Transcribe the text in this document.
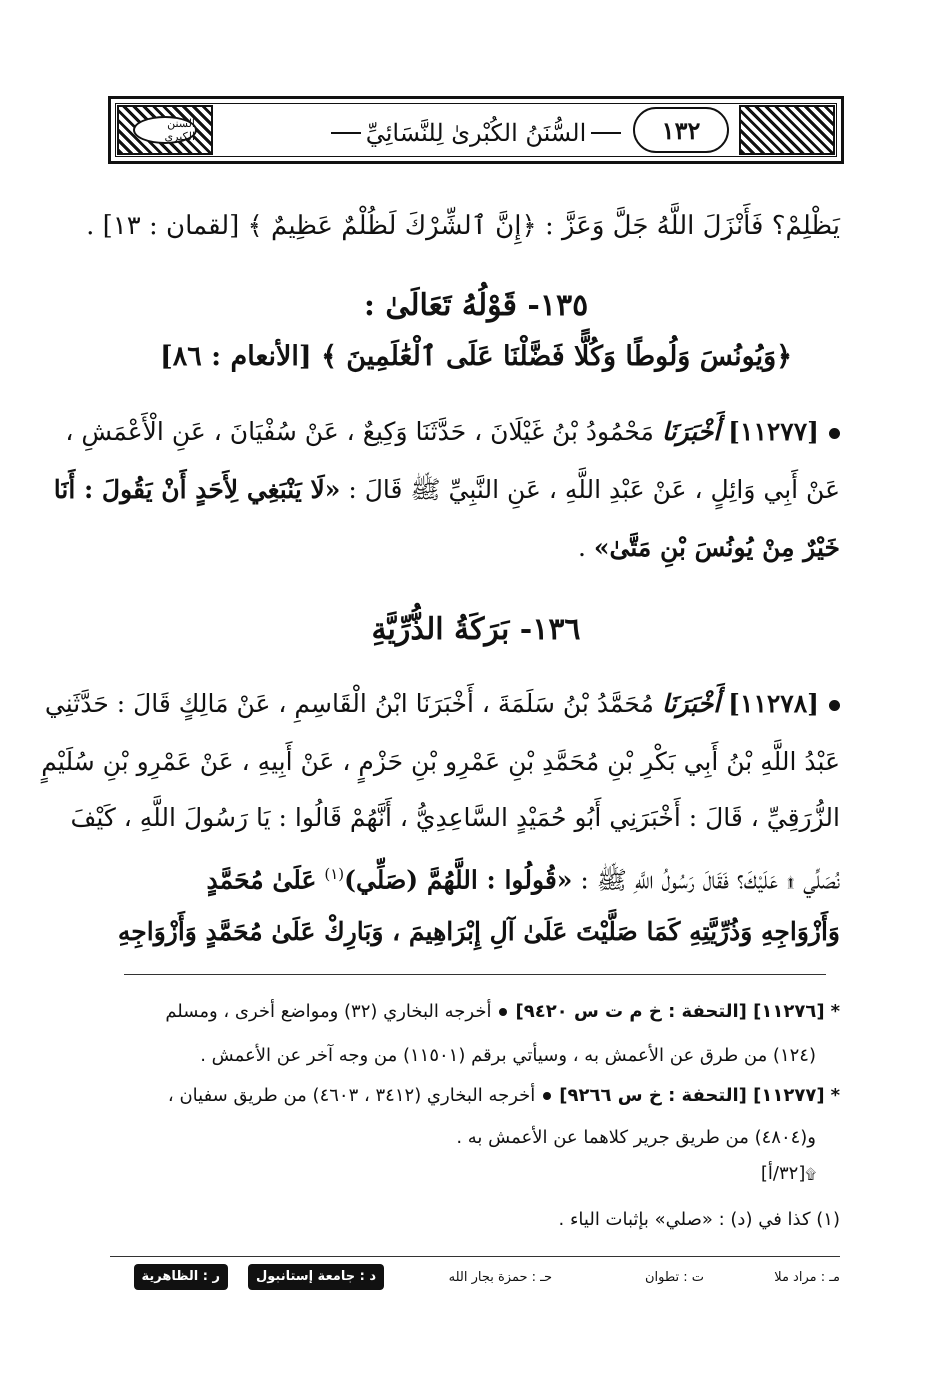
السنن الكبرى	١٣٢
السُّنَنُ الكُبْرىٰ لِلنَّسَائِيِّ
يَظْلِمْ؟ فَأَنْزَلَ اللَّهُ جَلَّ وَعَزَّ : ﴿إِنَّ ٱلشِّرْكَ لَظُلْمٌ عَظِيمٌ ﴾ [لقمان : ١٣] .
١٣٥- قَوْلُهُ تَعَالَىٰ :
﴿وَيُونُسَ وَلُوطًا وَكُلًّا فَضَّلْنَا عَلَى ٱلْعَٰلَمِينَ ﴾ [الأنعام : ٨٦]
[١١٢٧٧] أَخْبَرَنَا مَحْمُودُ بْنُ غَيْلَانَ ، حَدَّثَنَا وَكِيعٌ ، عَنْ سُفْيَانَ ، عَنِ الْأَعْمَشِ ،
عَنْ أَبِي وَائِلٍ ، عَنْ عَبْدِ اللَّهِ ، عَنِ النَّبِيِّ ﷺ قَالَ : «لَا يَنْبَغِي لِأَحَدٍ أَنْ يَقُولَ : أَنَا
خَيْرٌ مِنْ يُونُسَ بْنِ مَتَّىٰ» .
١٣٦- بَرَكَةُ الذُّرِّيَّةِ
[١١٢٧٨] أَخْبَرَنَا مُحَمَّدُ بْنُ سَلَمَةَ ، أَخْبَرَنَا ابْنُ الْقَاسِمِ ، عَنْ مَالِكٍ قَالَ : حَدَّثَنِي
عَبْدُ اللَّهِ بْنُ أَبِي بَكْرِ بْنِ مُحَمَّدِ بْنِ عَمْرِو بْنِ حَزْمٍ ، عَنْ أَبِيهِ ، عَنْ عَمْرِو بْنِ سُلَيْمٍ
الزُّرَقِيِّ ، قَالَ : أَخْبَرَنِي أَبُو حُمَيْدٍ السَّاعِدِيُّ ، أَنَّهُمْ قَالُوا : يَا رَسُولَ اللَّهِ ، كَيْفَ
نُصَلِّي ۩ عَلَيْكَ؟ فَقَالَ رَسُولُ اللَّهِ ﷺ : «قُولُوا : اللَّهُمَّ (صَلِّي)$^{(١)}$ عَلَىٰ مُحَمَّدٍ
وَأَزْوَاجِهِ وَذُرِّيَّتِهِ كَمَا صَلَّيْتَ عَلَىٰ آلِ إِبْرَاهِيمَ ، وَبَارِكْ عَلَىٰ مُحَمَّدٍ وَأَزْوَاجِهِ
*[١١٢٧٦] [التحفة : خ م ت س ٩٤٢٠]أخرجه البخاري (٣٢) ومواضع أخرى ، ومسلم
(١٢٤) من طرق عن الأعمش به ، وسيأتي برقم (١١٥٠١) من وجه آخر عن الأعمش .
*[١١٢٧٧] [التحفة : خ س ٩٢٦٦]أخرجه البخاري (٣٤١٢ ، ٤٦٠٣) من طريق سفيان ،
و(٤٨٠٤) من طريق جرير كلاهما عن الأعمش به .
۩[٣٢/أ]
(١) كذا في (د) : «صلي» بإثبات الياء .
مـ : مراد ملا
ت : تطوان
حـ : حمزة بجار الله
د : جامعة إستانبول
ر : الظاهرية
